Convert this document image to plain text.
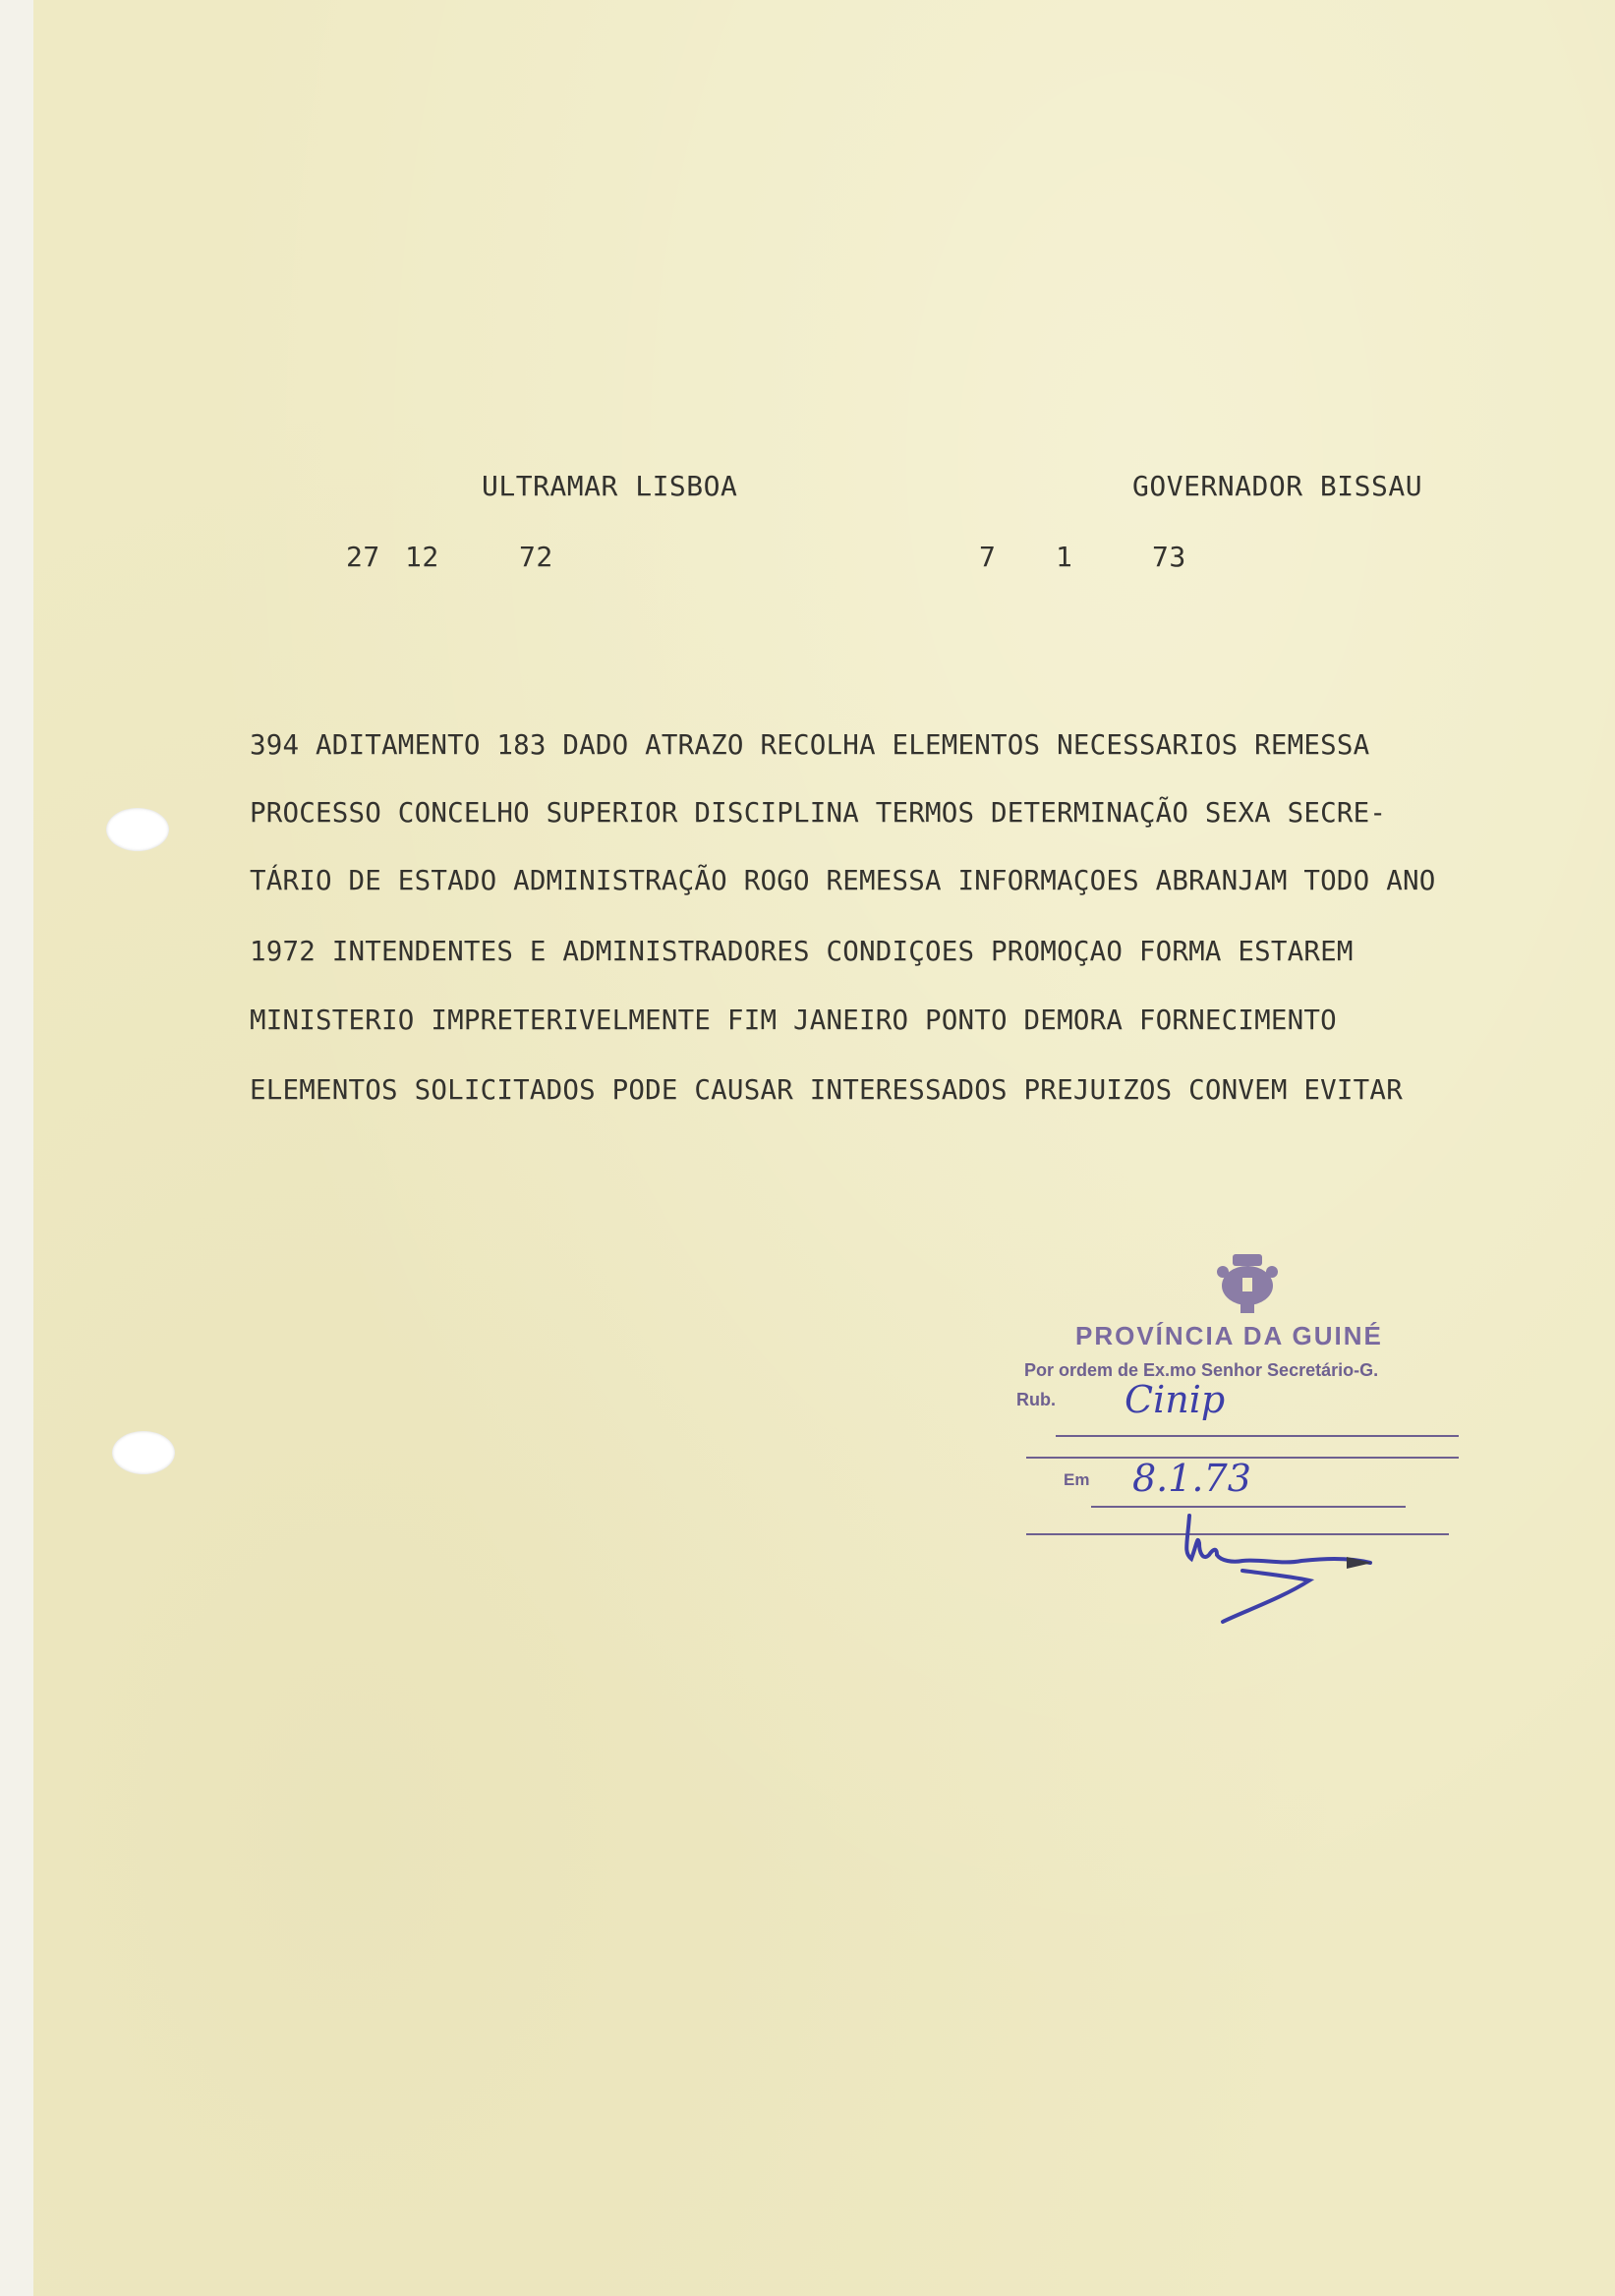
ULTRAMAR LISBOA	GOVERNADOR BISSAU
27 12	72	7 1	73
394 ADITAMENTO 183 DADO ATRAZO RECOLHA ELEMENTOS NECESSARIOS REMESSA
PROCESSO CONCELHO SUPERIOR DISCIPLINA TERMOS DETERMINAÇÃO SEXA SECRE-
TÁRIO DE ESTADO ADMINISTRAÇÃO ROGO REMESSA INFORMAÇOES ABRANJAM TODO ANO
1972 INTENDENTES E ADMINISTRADORES CONDIÇOES PROMOÇAO FORMA ESTAREM
MINISTERIO IMPRETERIVELMENTE FIM JANEIRO PONTO DEMORA FORNECIMENTO
ELEMENTOS SOLICITADOS PODE CAUSAR INTERESSADOS PREJUIZOS CONVEM EVITAR
PROVÍNCIA DA GUINÉ
Por ordem de Ex.mo Senhor Secretário-G.
Rub. Cinip
Em 8.1.73
